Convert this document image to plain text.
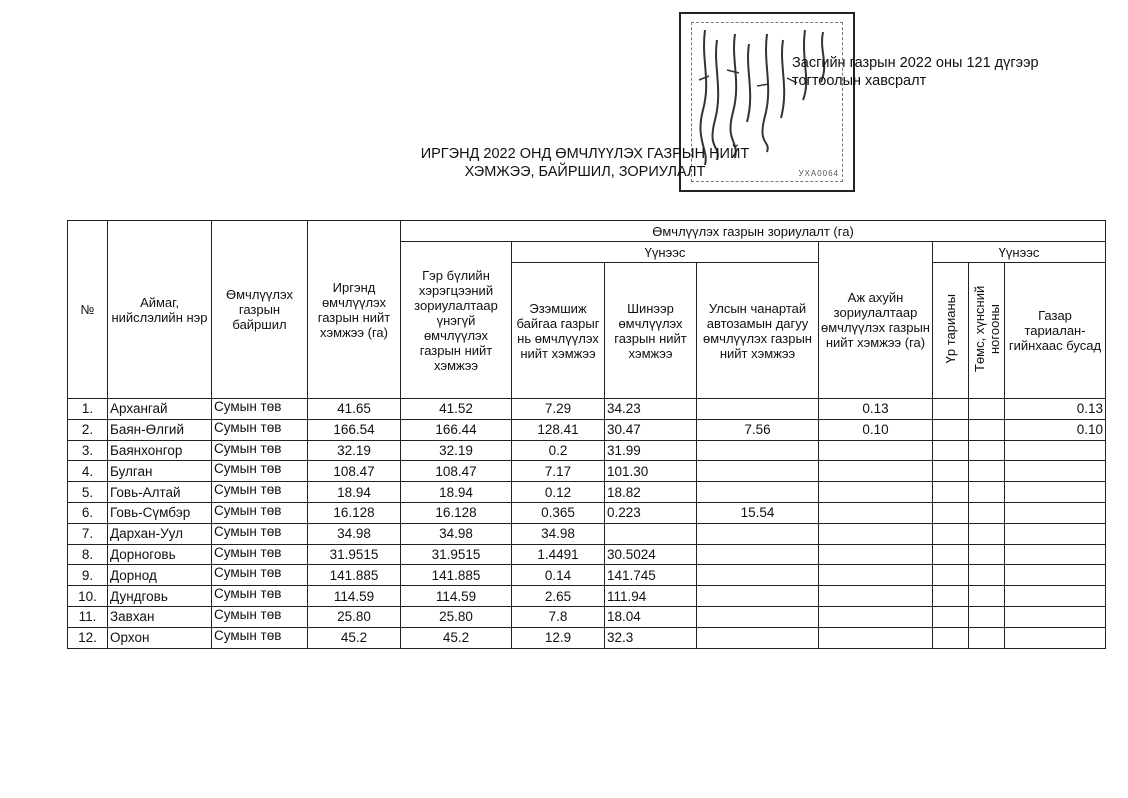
УХА0064
Засгийн газрын 2022 оны 121 дүгээр
тогтоолын хавсралт
ИРГЭНД 2022 ОНД ӨМЧЛҮҮЛЭХ ГАЗРЫН НИЙТ
ХЭМЖЭЭ, БАЙРШИЛ, ЗОРИУЛАЛТ
№	Аймаг, нийслэлийн нэр	Өмчлүүлэх газрын байршил	Иргэнд өмчлүүлэх газрын нийт хэмжээ (га)	Өмчлүүлэх газрын зориулалт (га)							
				Гэр бүлийн хэрэгцээний зориулалтаар үнэгүй өмчлүүлэх газрын нийт хэмжээ	Үүнээс			Аж ахуйн зориулалтаар өмчлүүлэх газрын нийт хэмжээ (га)	Үүнээс		
					Эзэмшиж байгаа газрыг нь өмчлүүлэх нийт хэмжээ	Шинээр өмчлүүлэх газрын нийт хэмжээ	Улсын чанартай автозамын дагуу өмчлүүлэх газрын нийт хэмжээ		Үр тарианы	Төмс, хүнсний ногооны	Газар тариалан-гийнхаас бусад
1.	Архангай	Сумын төв	41.65	41.52	7.29	34.23		0.13			0.13
2.	Баян-Өлгий	Сумын төв	166.54	166.44	128.41	30.47	7.56	0.10			0.10
3.	Баянхонгор	Сумын төв	32.19	32.19	0.2	31.99					
4.	Булган	Сумын төв	108.47	108.47	7.17	101.30					
5.	Говь-Алтай	Сумын төв	18.94	18.94	0.12	18.82					
6.	Говь-Сүмбэр	Сумын төв	16.128	16.128	0.365	0.223	15.54				
7.	Дархан-Уул	Сумын төв	34.98	34.98	34.98						
8.	Дорноговь	Сумын төв	31.9515	31.9515	1.4491	30.5024					
9.	Дорнод	Сумын төв	141.885	141.885	0.14	141.745					
10.	Дундговь	Сумын төв	114.59	114.59	2.65	111.94					
11.	Завхан	Сумын төв	25.80	25.80	7.8	18.04					
12.	Орхон	Сумын төв	45.2	45.2	12.9	32.3					
